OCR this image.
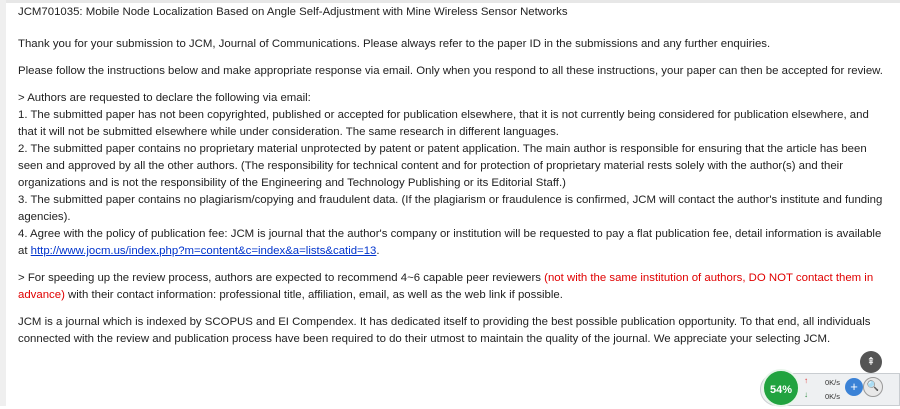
JCM701035: Mobile Node Localization Based on Angle Self-Adjustment with Mine Wireless Sensor Networks

Thank you for your submission to JCM, Journal of Communications. Please always refer to the paper ID in the submissions and any further enquiries.

Please follow the instructions below and make appropriate response via email. Only when you respond to all these instructions, your paper can then be accepted for review.

> Authors are requested to declare the following via email:
1. The submitted paper has not been copyrighted, published or accepted for publication elsewhere, that it is not currently being considered for publication elsewhere, and that it will not be submitted elsewhere while under consideration. The same research in different languages.
2. The submitted paper contains no proprietary material unprotected by patent or patent application. The main author is responsible for ensuring that the article has been seen and approved by all the other authors. (The responsibility for technical content and for protection of proprietary material rests solely with the author(s) and their organizations and is not the responsibility of the Engineering and Technology Publishing or its Editorial Staff.)
3. The submitted paper contains no plagiarism/copying and fraudulent data. (If the plagiarism or fraudulence is confirmed, JCM will contact the author's institute and funding agencies).
4. Agree with the policy of publication fee: JCM is journal that the author's company or institution will be requested to pay a flat publication fee, detail information is available at http://www.jocm.us/index.php?m=content&c=index&a=lists&catid=13.

> For speeding up the review process, authors are expected to recommend 4~6 capable peer reviewers (not with the same institution of authors, DO NOT contact them in advance) with their contact information: professional title, affiliation, email, as well as the web link if possible.

JCM is a journal which is indexed by SCOPUS and EI Compendex. It has dedicated itself to providing the best possible publication opportunity. To that end, all individuals connected with the review and publication process have been required to do their utmost to maintain the quality of the journal. We appreciate your selecting JCM.

⇞
54%
↑
↓
0K/s
0K/s
+ 🔍
